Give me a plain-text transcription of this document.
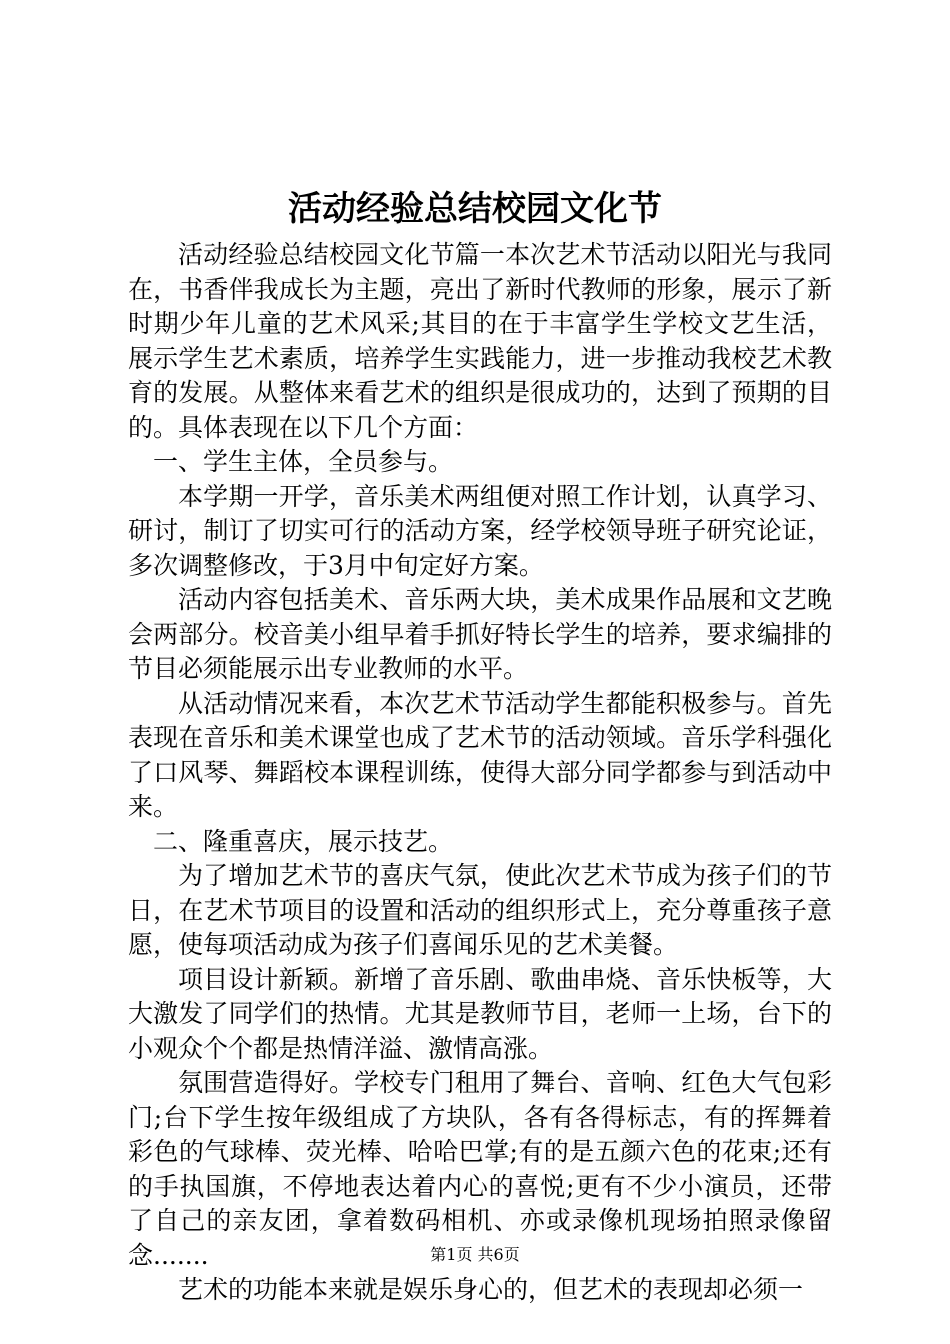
活动经验总结校园文化节

活动经验总结校园文化节篇一本次艺术节活动以阳光与我同在，书香伴我成长为主题，亮出了新时代教师的形象，展示了新时期少年儿童的艺术风采;其目的在于丰富学生学校文艺生活，展示学生艺术素质，培养学生实践能力，进一步推动我校艺术教育的发展。从整体来看艺术的组织是很成功的，达到了预期的目的。具体表现在以下几个方面：

一、学生主体，全员参与。

本学期一开学，音乐美术两组便对照工作计划，认真学习、研讨，制订了切实可行的活动方案，经学校领导班子研究论证，多次调整修改，于3月中旬定好方案。

活动内容包括美术、音乐两大块，美术成果作品展和文艺晚会两部分。校音美小组早着手抓好特长学生的培养，要求编排的节目必须能展示出专业教师的水平。

从活动情况来看，本次艺术节活动学生都能积极参与。首先表现在音乐和美术课堂也成了艺术节的活动领域。音乐学科强化了口风琴、舞蹈校本课程训练，使得大部分同学都参与到活动中来。

二、隆重喜庆，展示技艺。

为了增加艺术节的喜庆气氛，使此次艺术节成为孩子们的节日，在艺术节项目的设置和活动的组织形式上，充分尊重孩子意愿，使每项活动成为孩子们喜闻乐见的艺术美餐。

项目设计新颖。新增了音乐剧、歌曲串烧、音乐快板等，大大激发了同学们的热情。尤其是教师节目，老师一上场，台下的小观众个个都是热情洋溢、激情高涨。

氛围营造得好。学校专门租用了舞台、音响、红色大气包彩门;台下学生按年级组成了方块队，各有各得标志，有的挥舞着彩色的气球棒、荧光棒、哈哈巴掌;有的是五颜六色的花束;还有的手执国旗，不停地表达着内心的喜悦;更有不少小演员，还带了自己的亲友团，拿着数码相机、亦或录像机现场拍照录像留念.......

艺术的功能本来就是娱乐身心的，但艺术的表现却必须一

第1页 共6页
